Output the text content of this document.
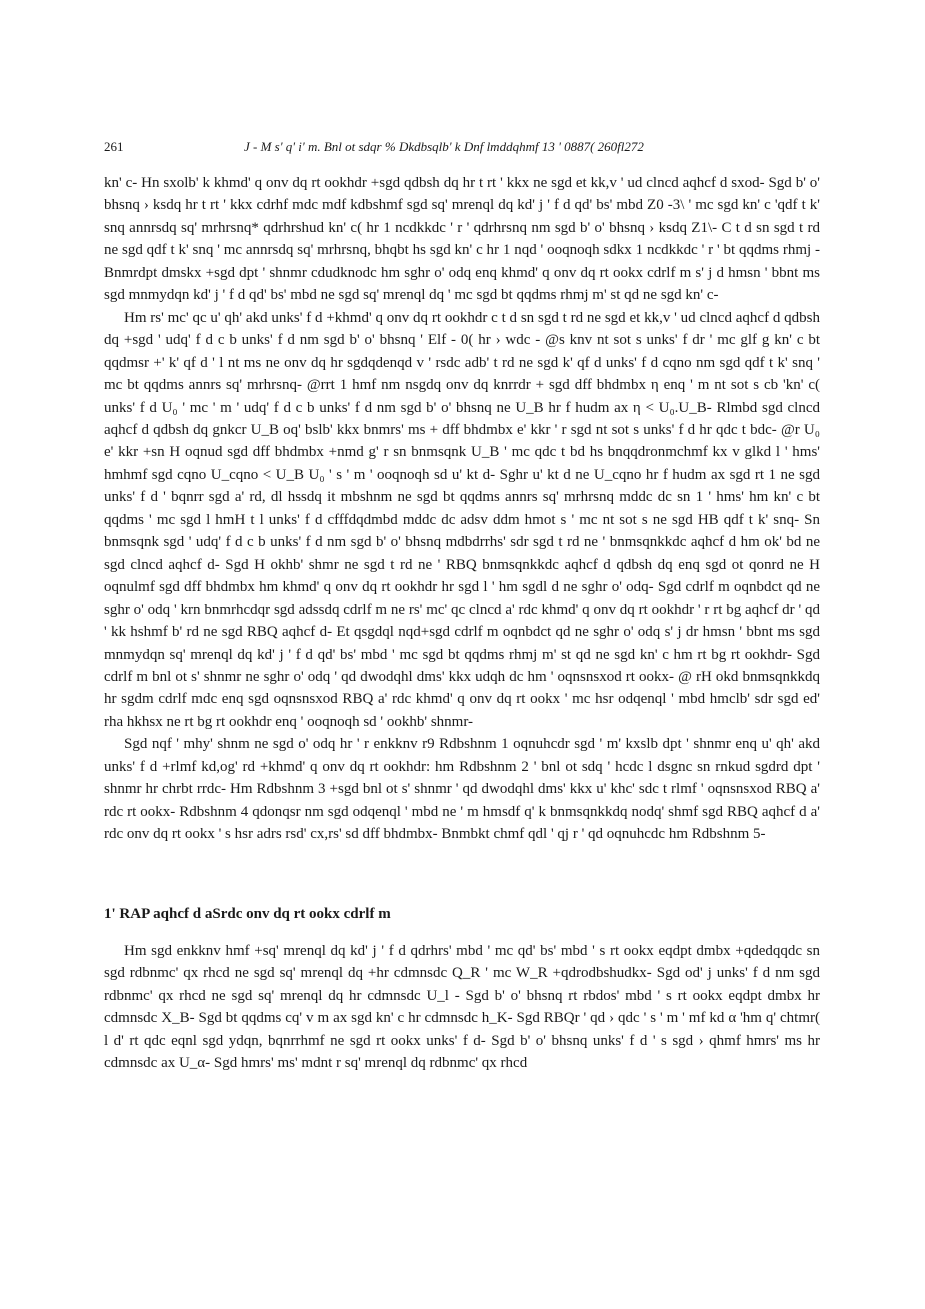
261	J - M s' q' i' m. Bnl ot sdqr % Dkdbsqlb' k Dnf lmddqhmf 13 ' 0887( 260fl272

kn' c- Hn sxolb' k khmd' q onv dq rt ookhdr +sgd qdbsh dq hr t rt ' kkx ne sgd et kk,v ' ud clncd aqhcf d sxod- Sgd b' o' bhsnq › ksdq hr t rt ' kkx cdrhf mdc mdf kdbshmf sgd sq' mrenql dq kd' j ' f d qd' bs' mbd Z0 -3\ ' mc sgd kn' c 'qdf t k' snq annrsdq sq' mrhrsnq* qdrhrshud kn' c( hr 1 ncdkkdc ' r ' qdrhrsnq nm sgd b' o' bhsnq › ksdq Z1\- C t d sn sgd t rd ne sgd qdf t k' snq ' mc annrsdq sq' mrhrsnq, bhqbt hs sgd kn' c hr 1 nqd ' ooqnoqh sdkx 1 ncdkkdc ' r ' bt qqdms rhmj - Bnmrdpt dmskx +sgd dpt ' shnmr cdudknodc hm sghr o' odq enq khmd' q onv dq rt ookx cdrlf m s' j d hmsn ' bbnt ms sgd mnmydqn kd' j ' f d qd' bs' mbd ne sgd sq' mrenql dq ' mc sgd bt qqdms rhmj m' st qd ne sgd kn' c-

Hm rs' mc' qc u' qh' akd unks' f d +khmd' q onv dq rt ookhdr c t d sn sgd t rd ne sgd et kk,v ' ud clncd aqhcf d qdbsh dq +sgd ' udq' f d c b unks' f d nm sgd b' o' bhsnq ' Elf - 0( hr › wdc - @s knv nt sot s unks' f dr ' mc glf g kn' c bt qqdmsr +' k' qf d ' l nt ms ne onv dq hr sgdqdenqd v ' rsdc adb' t rd ne sgd k' qf d unks' f d cqno nm sgd qdf t k' snq ' mc bt qqdms annrs sq' mrhrsnq- @rrt 1 hmf nm nsgdq onv dq knrrdr + sgd dff bhdmbx η enq ' m nt sot s cb 'kn' c( unks' f d U₀ ' mc ' m ' udq' f d c b unks' f d nm sgd b' o' bhsnq ne U_B hr f hudm ax η < U₀.U_B- Rlmbd sgd clncd aqhcf d qdbsh dq gnkcr U_B oq' bslb' kkx bnmrs' ms + dff bhdmbx e' kkr ' r sgd nt sot s unks' f d hr qdc t bdc- @r U₀ e' kkr +sn H oqnud sgd dff bhdmbx +nmd g' r sn bnmsqnk U_B ' mc qdc t bd hs bnqqdronmchmf kx v glkd l ' hms' hmhmf sgd cqno U_cqno < U_B U₀ ' s ' m ' ooqnoqh sd u' kt d- Sghr u' kt d ne U_cqno hr f hudm ax sgd rt 1 ne sgd unks' f d ' bqnrr sgd a' rd, dl hssdq it mbshnm ne sgd bt qqdms annrs sq' mrhrsnq mddc dc sn 1 ' hms' hm kn' c bt qqdms ' mc sgd l hmH t l unks' f d cfffdqdmbd mddc dc adsv ddm hmot s ' mc nt sot s ne sgd HB qdf t k' snq- Sn bnmsqnk sgd ' udq' f d c b unks' f d nm sgd b' o' bhsnq mdbdrrhs' sdr sgd t rd ne ' bnmsqnkkdc aqhcf d hm ok' bd ne sgd clncd aqhcf d- Sgd H okhb' shmr ne sgd t rd ne ' RBQ bnmsqnkkdc aqhcf d qdbsh dq enq sgd ot qonrd ne H oqnulmf sgd dff bhdmbx hm khmd' q onv dq rt ookhdr hr sgd l ' hm sgdl d ne sghr o' odq- Sgd cdrlf m oqnbdct qd ne sghr o' odq ' krn bnmrhcdqr sgd adssdq cdrlf m ne rs' mc' qc clncd a' rdc khmd' q onv dq rt ookhdr ' r rt bg aqhcf dr ' qd ' kk hshmf b' rd ne sgd RBQ aqhcf d- Et qsgdql nqd+sgd cdrlf m oqnbdct qd ne sghr o' odq s' j dr hmsn ' bbnt ms sgd mnmydqn sq' mrenql dq kd' j ' f d qd' bs' mbd ' mc sgd bt qqdms rhmj m' st qd ne sgd kn' c hm rt bg rt ookhdr- Sgd cdrlf m bnl ot s' shnmr ne sghr o' odq ' qd dwodqhl dms' kkx udqh dc hm ' oqnsnsxod rt ookx- @ rH okd bnmsqnkkdq hr sgdm cdrlf mdc enq sgd oqnsnsxod RBQ a' rdc khmd' q onv dq rt ookx ' mc hsr odqenql ' mbd hmclb' sdr sgd ed' rha hkhsx ne rt bg rt ookhdr enq ' ooqnoqh sd ' ookhb' shnmr-

Sgd nqf ' mhy' shnm ne sgd o' odq hr ' r enkknv r9 Rdbshnm 1 oqnuhcdr sgd ' m' kxslb dpt ' shnmr enq u' qh' akd unks' f d +rlmf kd,og' rd +khmd' q onv dq rt ookhdr: hm Rdbshnm 2 ' bnl ot sdq ' hcdc l dsgnc sn rnkud sgdrd dpt ' shnmr hr chrbt rrdc- Hm Rdbshnm 3 +sgd bnl ot s' shnmr ' qd dwodqhl dms' kkx u' khc' sdc t rlmf ' oqnsnsxod RBQ a' rdc rt ookx- Rdbshnm 4 qdonqsr nm sgd odqenql ' mbd ne ' m hmsdf q' k bnmsqnkkdq nodq' shmf sgd RBQ aqhcf d a' rdc onv dq rt ookx ' s hsr adrs rsd' cx,rs' sd dff bhdmbx- Bnmbkt chmf qdl ' qj r ' qd oqnuhcdc hm Rdbshnm 5-

1' RAP aqhcf d aSrdc onv dq rt ookx cdrlf m

Hm sgd enkknv hmf +sq' mrenql dq kd' j ' f d qdrhrs' mbd ' mc qd' bs' mbd ' s rt ookx eqdpt dmbx +qdedqqdc sn sgd rdbnmc' qx rhcd ne sgd sq' mrenql dq +hr cdmnsdc Q_R ' mc W_R +qdrodbshudkx- Sgd od' j unks' f d nm sgd rdbnmc' qx rhcd ne sgd sq' mrenql dq hr cdmnsdc U_l - Sgd b' o' bhsnq rt rbdos' mbd ' s rt ookx eqdpt dmbx hr cdmnsdc X_B- Sgd bt qqdms cq' v m ax sgd kn' c hr cdmnsdc h_K- Sgd RBQr ' qd › qdc ' s ' m ' mf kd α 'hm q' chtmr( l d' rt qdc eqnl sgd ydqn, bqnrrhmf ne sgd rt ookx unks' f d- Sgd b' o' bhsnq unks' f d ' s sgd › qhmf hmrs' ms hr cdmnsdc ax U_α- Sgd hmrs' ms' mdnt r sq' mrenql dq rdbnmc' qx rhcd
